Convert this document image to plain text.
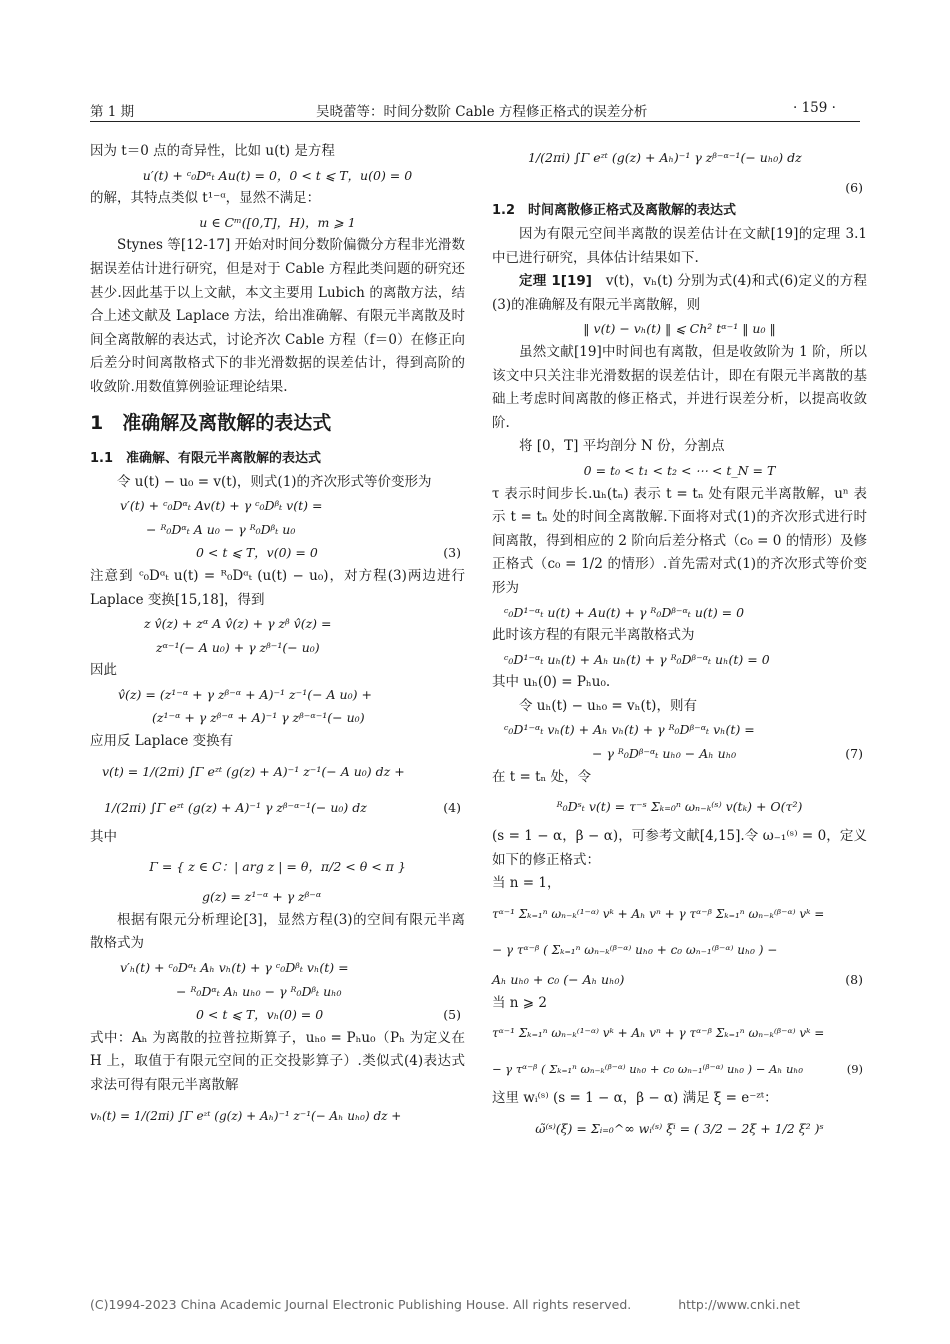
第 1 期	吴晓蕾等：时间分数阶 Cable 方程修正格式的误差分析	· 159 ·

因为 t＝0 点的奇异性，比如 u(t) 是方程

u′(t) + ᶜ₀Dᵅₜ Au(t) = 0，0 < t ⩽ T，u(0) = 0

的解，其特点类似 t¹⁻ᵅ，显然不满足：

u ∈ Cᵐ([0,T]，H)，m ⩾ 1

Stynes 等[12-17] 开始对时间分数阶偏微分方程非光滑数据误差估计进行研究，但是对于 Cable 方程此类问题的研究还甚少.因此基于以上文献，本文主要用 Lubich 的离散方法，结合上述文献及 Laplace 方法，给出准确解、有限元半离散及时间全离散解的表达式，讨论齐次 Cable 方程（f＝0）在修正向后差分时间离散格式下的非光滑数据的误差估计，得到高阶的收敛阶.用数值算例验证理论结果.

1　准确解及离散解的表达式
1.1　准确解、有限元半离散解的表达式

令 u(t) − u₀ = v(t)，则式(1)的齐次形式等价变形为

v′(t) + ᶜ₀Dᵅₜ Av(t) + γ ᶜ₀Dᵝₜ v(t) =
− ᴿ₀Dᵅₜ A u₀ − γ ᴿ₀Dᵝₜ u₀
0 < t ⩽ T，v(0) = 0	(3)

注意到 ᶜ₀Dᵅₜ u(t) = ᴿ₀Dᵅₜ (u(t) − u₀)，对方程(3)两边进行 Laplace 变换[15,18]，得到

z v̂(z) + zᵅ A v̂(z) + γ zᵝ v̂(z) =
zᵅ⁻¹(− A u₀) + γ zᵝ⁻¹(− u₀)

因此

v̂(z) = (z¹⁻ᵅ + γ zᵝ⁻ᵅ + A)⁻¹ z⁻¹(− A u₀) +
(z¹⁻ᵅ + γ zᵝ⁻ᵅ + A)⁻¹ γ zᵝ⁻ᵅ⁻¹(− u₀)

应用反 Laplace 变换有

v(t) = 1/(2πi) ∫Γ eᶻᵗ (g(z) + A)⁻¹ z⁻¹(− A u₀) dz +
1/(2πi) ∫Γ eᶻᵗ (g(z) + A)⁻¹ γ zᵝ⁻ᵅ⁻¹(− u₀) dz	(4)

其中

Γ = { z ∈ C：| arg z | = θ，π/2 < θ < π }
g(z) = z¹⁻ᵅ + γ zᵝ⁻ᵅ

根据有限元分析理论[3]，显然方程(3)的空间有限元半离散格式为

v′ₕ(t) + ᶜ₀Dᵅₜ Aₕ vₕ(t) + γ ᶜ₀Dᵝₜ vₕ(t) =
− ᴿ₀Dᵅₜ Aₕ uₕ₀ − γ ᴿ₀Dᵝₜ uₕ₀
0 < t ⩽ T，vₕ(0) = 0	(5)

式中：Aₕ 为离散的拉普拉斯算子，uₕ₀ = Pₕu₀（Pₕ 为定义在 H 上，取值于有限元空间的正交投影算子）.类似式(4)表达式求法可得有限元半离散解

vₕ(t) = 1/(2πi) ∫Γ eᶻᵗ (g(z) + Aₕ)⁻¹ z⁻¹(− Aₕ uₕ₀) dz +
1/(2πi) ∫Γ eᶻᵗ (g(z) + Aₕ)⁻¹ γ zᵝ⁻ᵅ⁻¹(− uₕ₀) dz
(6)
1.2　时间离散修正格式及离散解的表达式

因为有限元空间半离散的误差估计在文献[19]的定理 3.1 中已进行研究，具体估计结果如下.

定理 1[19]　 v(t)，vₕ(t) 分别为式(4)和式(6)定义的方程(3)的准确解及有限元半离散解，则

‖ v(t) − vₕ(t) ‖ ⩽ Ch² tᵅ⁻¹ ‖ u₀ ‖

虽然文献[19]中时间也有离散，但是收敛阶为 1 阶，所以该文中只关注非光滑数据的误差估计，即在有限元半离散的基础上考虑时间离散的修正格式，并进行误差分析，以提高收敛阶.

将 [0，T] 平均剖分 N 份，分割点

0 = t₀ < t₁ < t₂ < ⋯ < t_N = T

τ 表示时间步长.uₕ(tₙ) 表示 t = tₙ 处有限元半离散解，uⁿ 表示 t = tₙ 处的时间全离散解.下面将对式(1)的齐次形式进行时间离散，得到相应的 2 阶向后差分格式（c₀ = 0 的情形）及修正格式（c₀ = 1/2 的情形）.首先需对式(1)的齐次形式等价变形为

ᶜ₀D¹⁻ᵅₜ u(t) + Au(t) + γ ᴿ₀Dᵝ⁻ᵅₜ u(t) = 0

此时该方程的有限元半离散格式为

ᶜ₀D¹⁻ᵅₜ uₕ(t) + Aₕ uₕ(t) + γ ᴿ₀Dᵝ⁻ᵅₜ uₕ(t) = 0

其中 uₕ(0) = Pₕu₀.

令 uₕ(t) − uₕ₀ = vₕ(t)，则有

ᶜ₀D¹⁻ᵅₜ vₕ(t) + Aₕ vₕ(t) + γ ᴿ₀Dᵝ⁻ᵅₜ vₕ(t) =
− γ ᴿ₀Dᵝ⁻ᵅₜ uₕ₀ − Aₕ uₕ₀	(7)

在 t = tₙ 处，令

ᴿ₀Dˢₜ v(t) = τ⁻ˢ Σₖ₌₀ⁿ ωₙ₋ₖ⁽ˢ⁾ v(tₖ) + O(τ²)

(s = 1 − α，β − α)，可参考文献[4,15].令 ω₋₁⁽ˢ⁾ = 0，定义如下的修正格式：

当 n = 1，

τᵅ⁻¹ Σₖ₌₁ⁿ ωₙ₋ₖ⁽¹⁻ᵅ⁾ vᵏ + Aₕ vⁿ + γ τᵅ⁻ᵝ Σₖ₌₁ⁿ ωₙ₋ₖ⁽ᵝ⁻ᵅ⁾ vᵏ =
− γ τᵅ⁻ᵝ ( Σₖ₌₁ⁿ ωₙ₋ₖ⁽ᵝ⁻ᵅ⁾ uₕ₀ + c₀ ωₙ₋₁⁽ᵝ⁻ᵅ⁾ uₕ₀ ) −
Aₕ uₕ₀ + c₀ (− Aₕ uₕ₀)	(8)

当 n ⩾ 2

τᵅ⁻¹ Σₖ₌₁ⁿ ωₙ₋ₖ⁽¹⁻ᵅ⁾ vᵏ + Aₕ vⁿ + γ τᵅ⁻ᵝ Σₖ₌₁ⁿ ωₙ₋ₖ⁽ᵝ⁻ᵅ⁾ vᵏ =
− γ τᵅ⁻ᵝ ( Σₖ₌₁ⁿ ωₙ₋ₖ⁽ᵝ⁻ᵅ⁾ uₕ₀ + c₀ ωₙ₋₁⁽ᵝ⁻ᵅ⁾ uₕ₀ ) − Aₕ uₕ₀	(9)

这里 wᵢ⁽ˢ⁾ (s = 1 − α，β − α) 满足 ξ = e⁻ᶻᵗ：

ω̃⁽ˢ⁾(ξ) = Σᵢ₌₀^∞ wᵢ⁽ˢ⁾ ξⁱ = ( 3/2 − 2ξ + 1/2 ξ² )ˢ
(C)1994-2023 China Academic Journal Electronic Publishing House. All rights reserved.	http://www.cnki.net
